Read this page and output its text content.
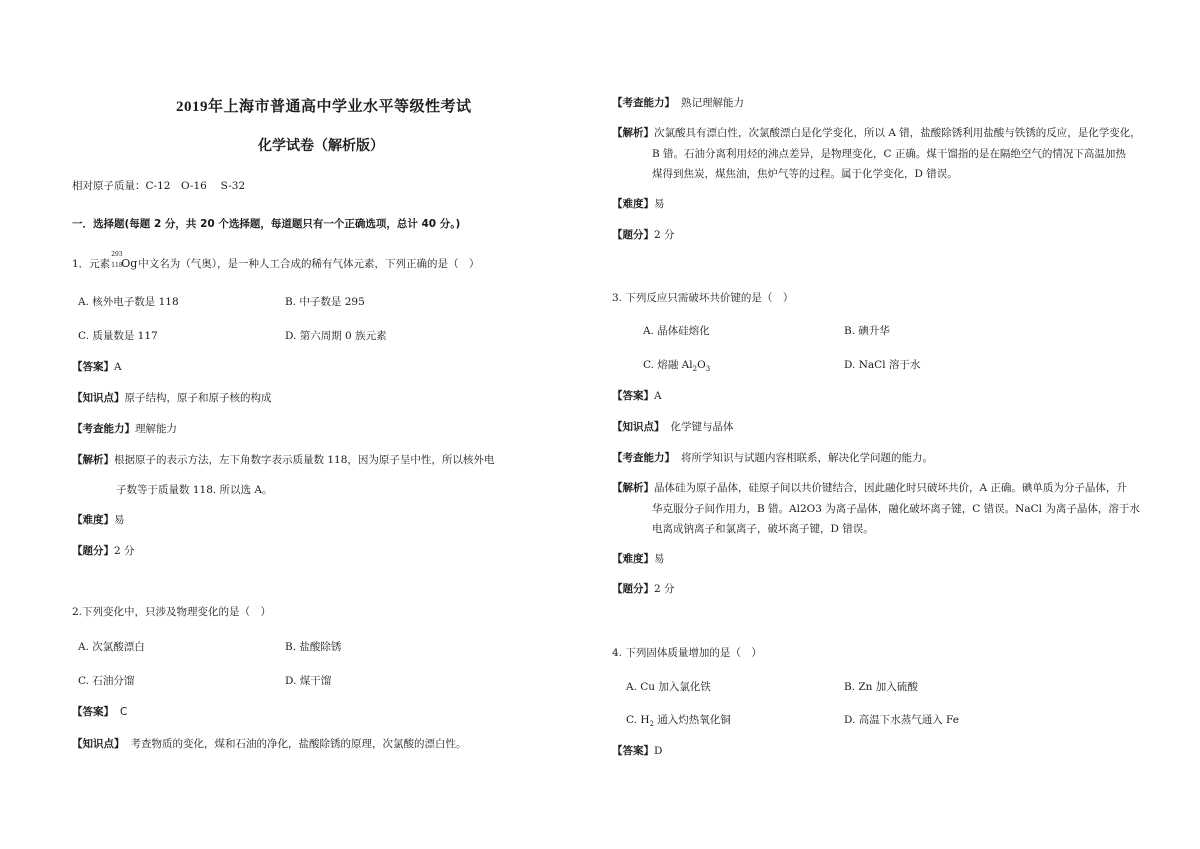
2019年上海市普通高中学业水平等级性考试
化学试卷（解析版）
相对原子质量：C-12　O-16　 S-32
一．选择题(每题 2 分，共 20 个选择题，每道题只有一个正确选项，总计 40 分。)
1．元素
293
118
Og中文名为（气奥），是一种人工合成的稀有气体元素，下列正确的是（　）
A. 核外电子数是 118	B. 中子数是 295
C. 质量数是 117	D. 第六周期 0 族元素
【答案】A
【知识点】原子结构，原子和原子核的构成
【考查能力】理解能力
【解析】根据原子的表示方法，左下角数字表示质量数 118，因为原子呈中性，所以核外电
子数等于质量数 118. 所以选 A。
【难度】易
【题分】2 分
2.下列变化中，只涉及物理变化的是（　）
A. 次氯酸漂白	B. 盐酸除锈
C. 石油分馏	D. 煤干馏
【答案】 C
【知识点】 考查物质的变化，煤和石油的净化，盐酸除锈的原理，次氯酸的漂白性。
【考查能力】 熟记理解能力
【解析】次氯酸具有漂白性，次氯酸漂白是化学变化，所以 A 错，盐酸除锈利用盐酸与铁锈的反应，是化学变化，
B 错。石油分离利用烃的沸点差异，是物理变化，C 正确。煤干馏指的是在隔绝空气的情况下高温加热
煤得到焦炭，煤焦油，焦炉气等的过程。属于化学变化，D 错误。
【难度】易
【题分】2 分
3. 下列反应只需破坏共价键的是（　）
A. 晶体硅熔化	B. 碘升华
C. 熔融 $Al_2O_3$	D. NaCl 溶于水
【答案】A
【知识点】 化学键与晶体
【考查能力】 将所学知识与试题内容相联系，解决化学问题的能力。
【解析】晶体硅为原子晶体，硅原子间以共价键结合，因此融化时只破坏共价，A 正确。碘单质为分子晶体，升
华克服分子间作用力，B 错。Al2O3 为离子晶体，融化破坏离子键，C 错误。NaCl 为离子晶体，溶于水
电离成钠离子和氯离子，破坏离子键，D 错误。
【难度】易
【题分】2 分
4. 下列固体质量增加的是（　）
A. Cu 加入氯化铁	B. Zn 加入硫酸
C. $H_2$ 通入灼热氧化铜	D. 高温下水蒸气通入 Fe
【答案】D
